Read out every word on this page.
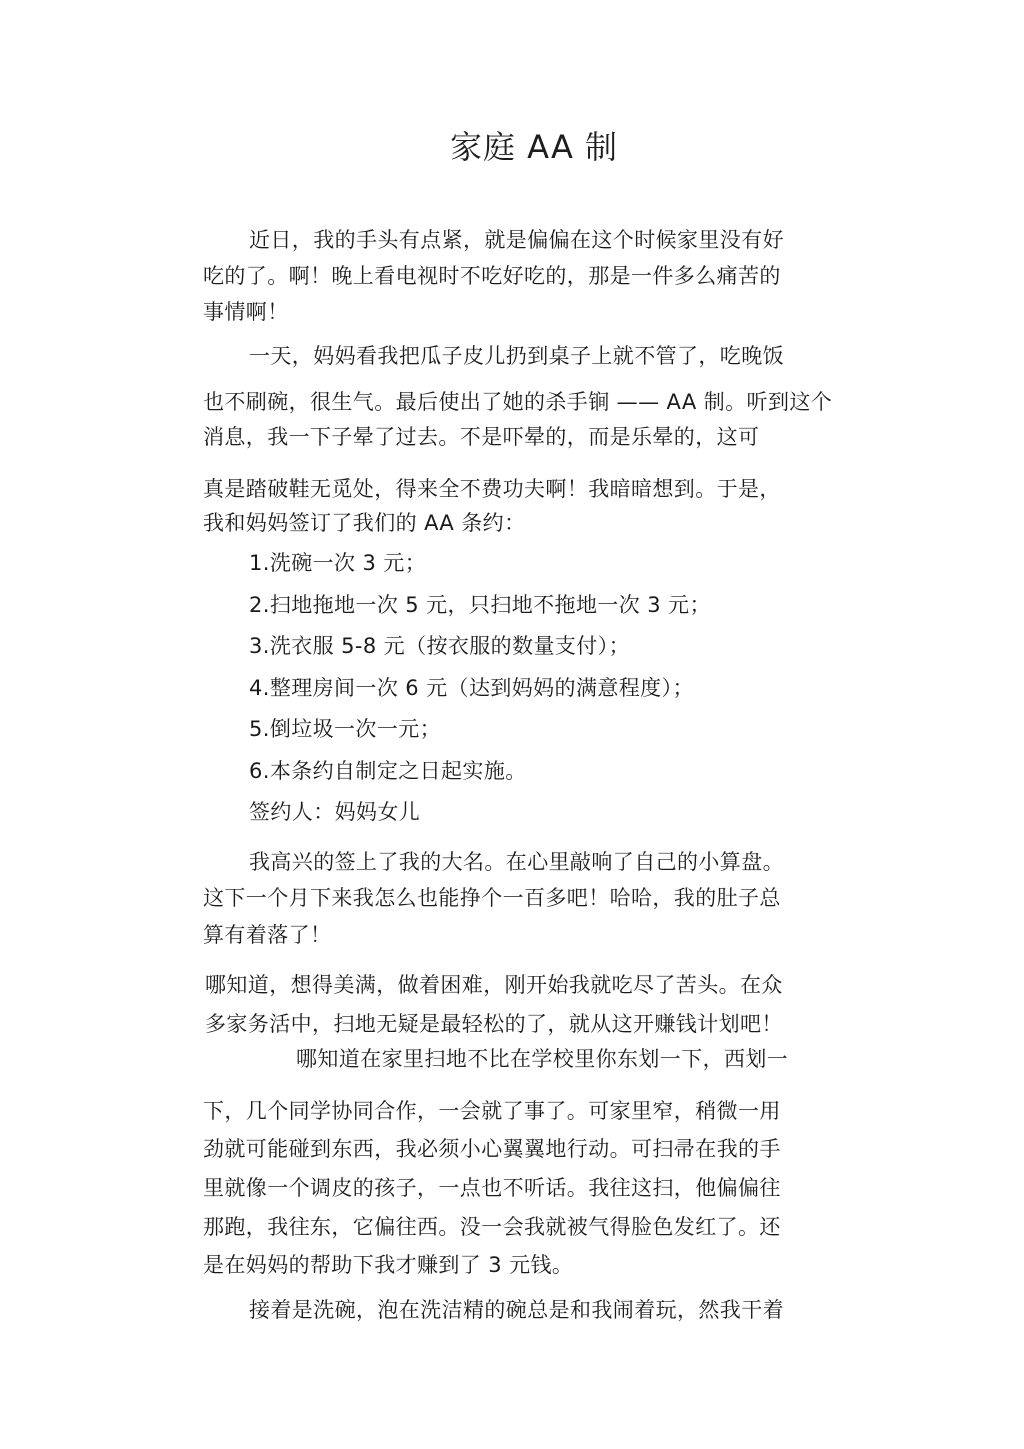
家庭 AA 制
近日，我的手头有点紧，就是偏偏在这个时候家里没有好
吃的了。啊！晚上看电视时不吃好吃的，那是一件多么痛苦的
事情啊！
一天，妈妈看我把瓜子皮儿扔到桌子上就不管了，吃晚饭
也不刷碗，很生气。最后使出了她的杀手锏 —— AA 制。听到这个
消息，我一下子晕了过去。不是吓晕的，而是乐晕的，这可
真是踏破鞋无觅处，得来全不费功夫啊！我暗暗想到。于是，
我和妈妈签订了我们的 AA 条约：
1.洗碗一次 3 元；
2.扫地拖地一次 5 元，只扫地不拖地一次 3 元；
3.洗衣服 5-8 元（按衣服的数量支付）；
4.整理房间一次 6 元（达到妈妈的满意程度）；
5.倒垃圾一次一元；
6.本条约自制定之日起实施。
签约人：妈妈女儿
我高兴的签上了我的大名。在心里敲响了自己的小算盘。
这下一个月下来我怎么也能挣个一百多吧！哈哈，我的肚子总
算有着落了！
哪知道，想得美满，做着困难，刚开始我就吃尽了苦头。在众
多家务活中，扫地无疑是最轻松的了，就从这开赚钱计划吧！
哪知道在家里扫地不比在学校里你东划一下，西划一
下，几个同学协同合作，一会就了事了。可家里窄，稍微一用
劲就可能碰到东西，我必须小心翼翼地行动。可扫帚在我的手
里就像一个调皮的孩子，一点也不听话。我往这扫，他偏偏往
那跑，我往东，它偏往西。没一会我就被气得脸色发红了。还
是在妈妈的帮助下我才赚到了 3 元钱。
接着是洗碗，泡在洗洁精的碗总是和我闹着玩，然我干着
